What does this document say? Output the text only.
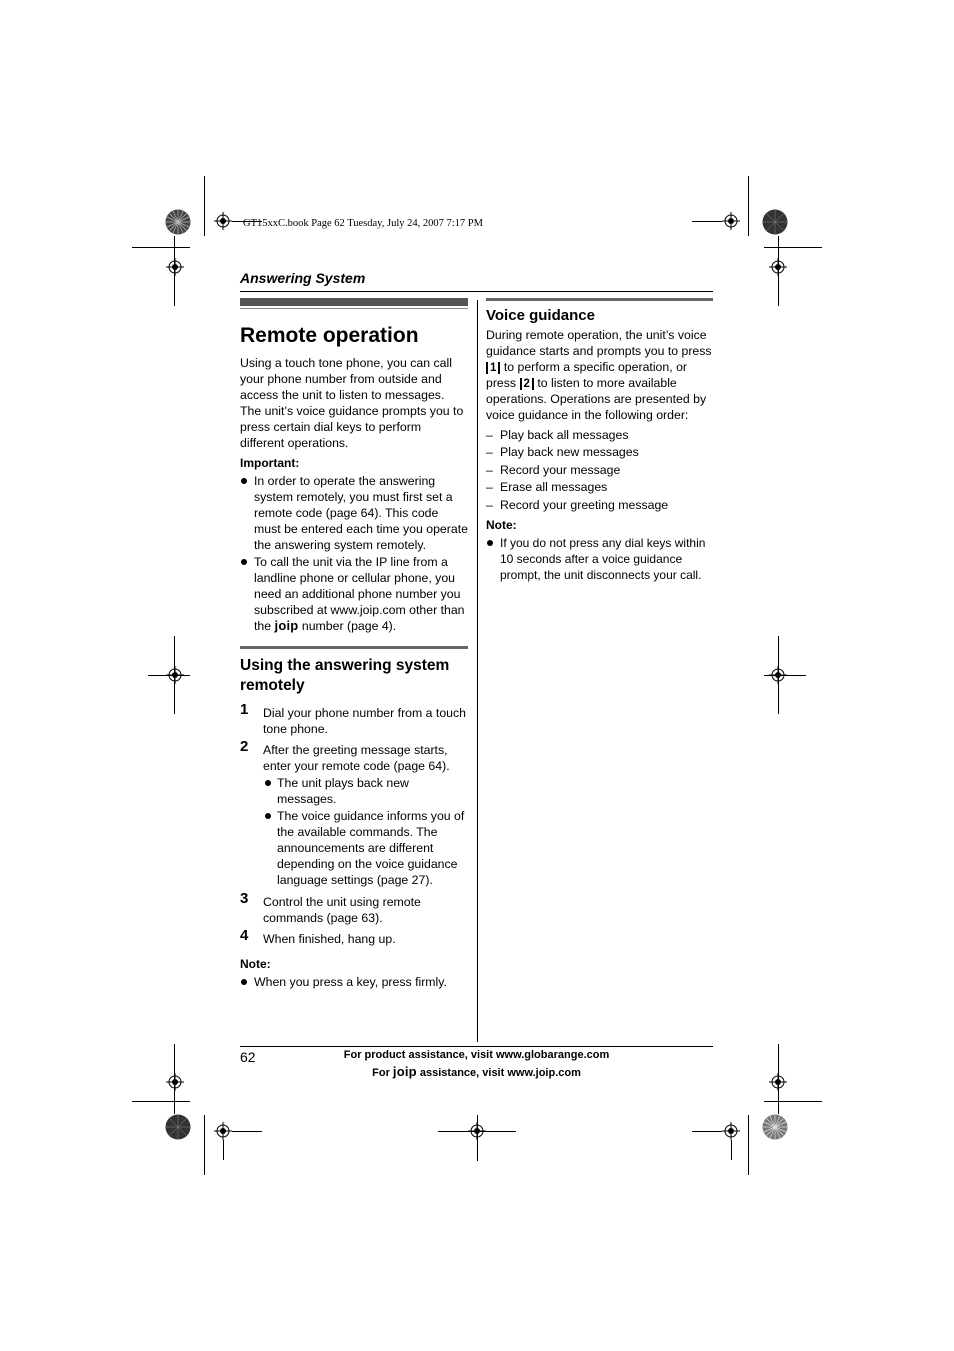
GT15xxC.book Page 62 Tuesday, July 24, 2007 7:17 PM
Answering System
Remote operation

Using a touch tone phone, you can call your phone number from outside and access the unit to listen to messages. The unit’s voice guidance prompts you to press certain dial keys to perform different operations.

Important:
In order to operate the answering system remotely, you must first set a remote code (page 64). This code must be entered each time you operate the answering system remotely.
To call the unit via the IP line from a landline phone or cellular phone, you need an additional phone number you subscribed at www.joip.com other than the joip number (page 4).
Using the answering system remotely
1 Dial your phone number from a touch tone phone.
2 After the greeting message starts, enter your remote code (page 64).
The unit plays back new messages.
The voice guidance informs you of the available commands. The announcements are different depending on the voice guidance language settings (page 27).
3 Control the unit using remote commands (page 63).
4 When finished, hang up.
Note:
When you press a key, press firmly.
Voice guidance

During remote operation, the unit’s voice guidance starts and prompts you to press 1 to perform a specific operation, or press 2 to listen to more available operations. Operations are presented by voice guidance in the following order:

– Play back all messages
– Play back new messages
– Record your message
– Erase all messages
– Record your greeting message
Note:
If you do not press any dial keys within 10 seconds after a voice guidance prompt, the unit disconnects your call.
62	For product assistance, visit www.globarange.com
For joip assistance, visit www.joip.com
